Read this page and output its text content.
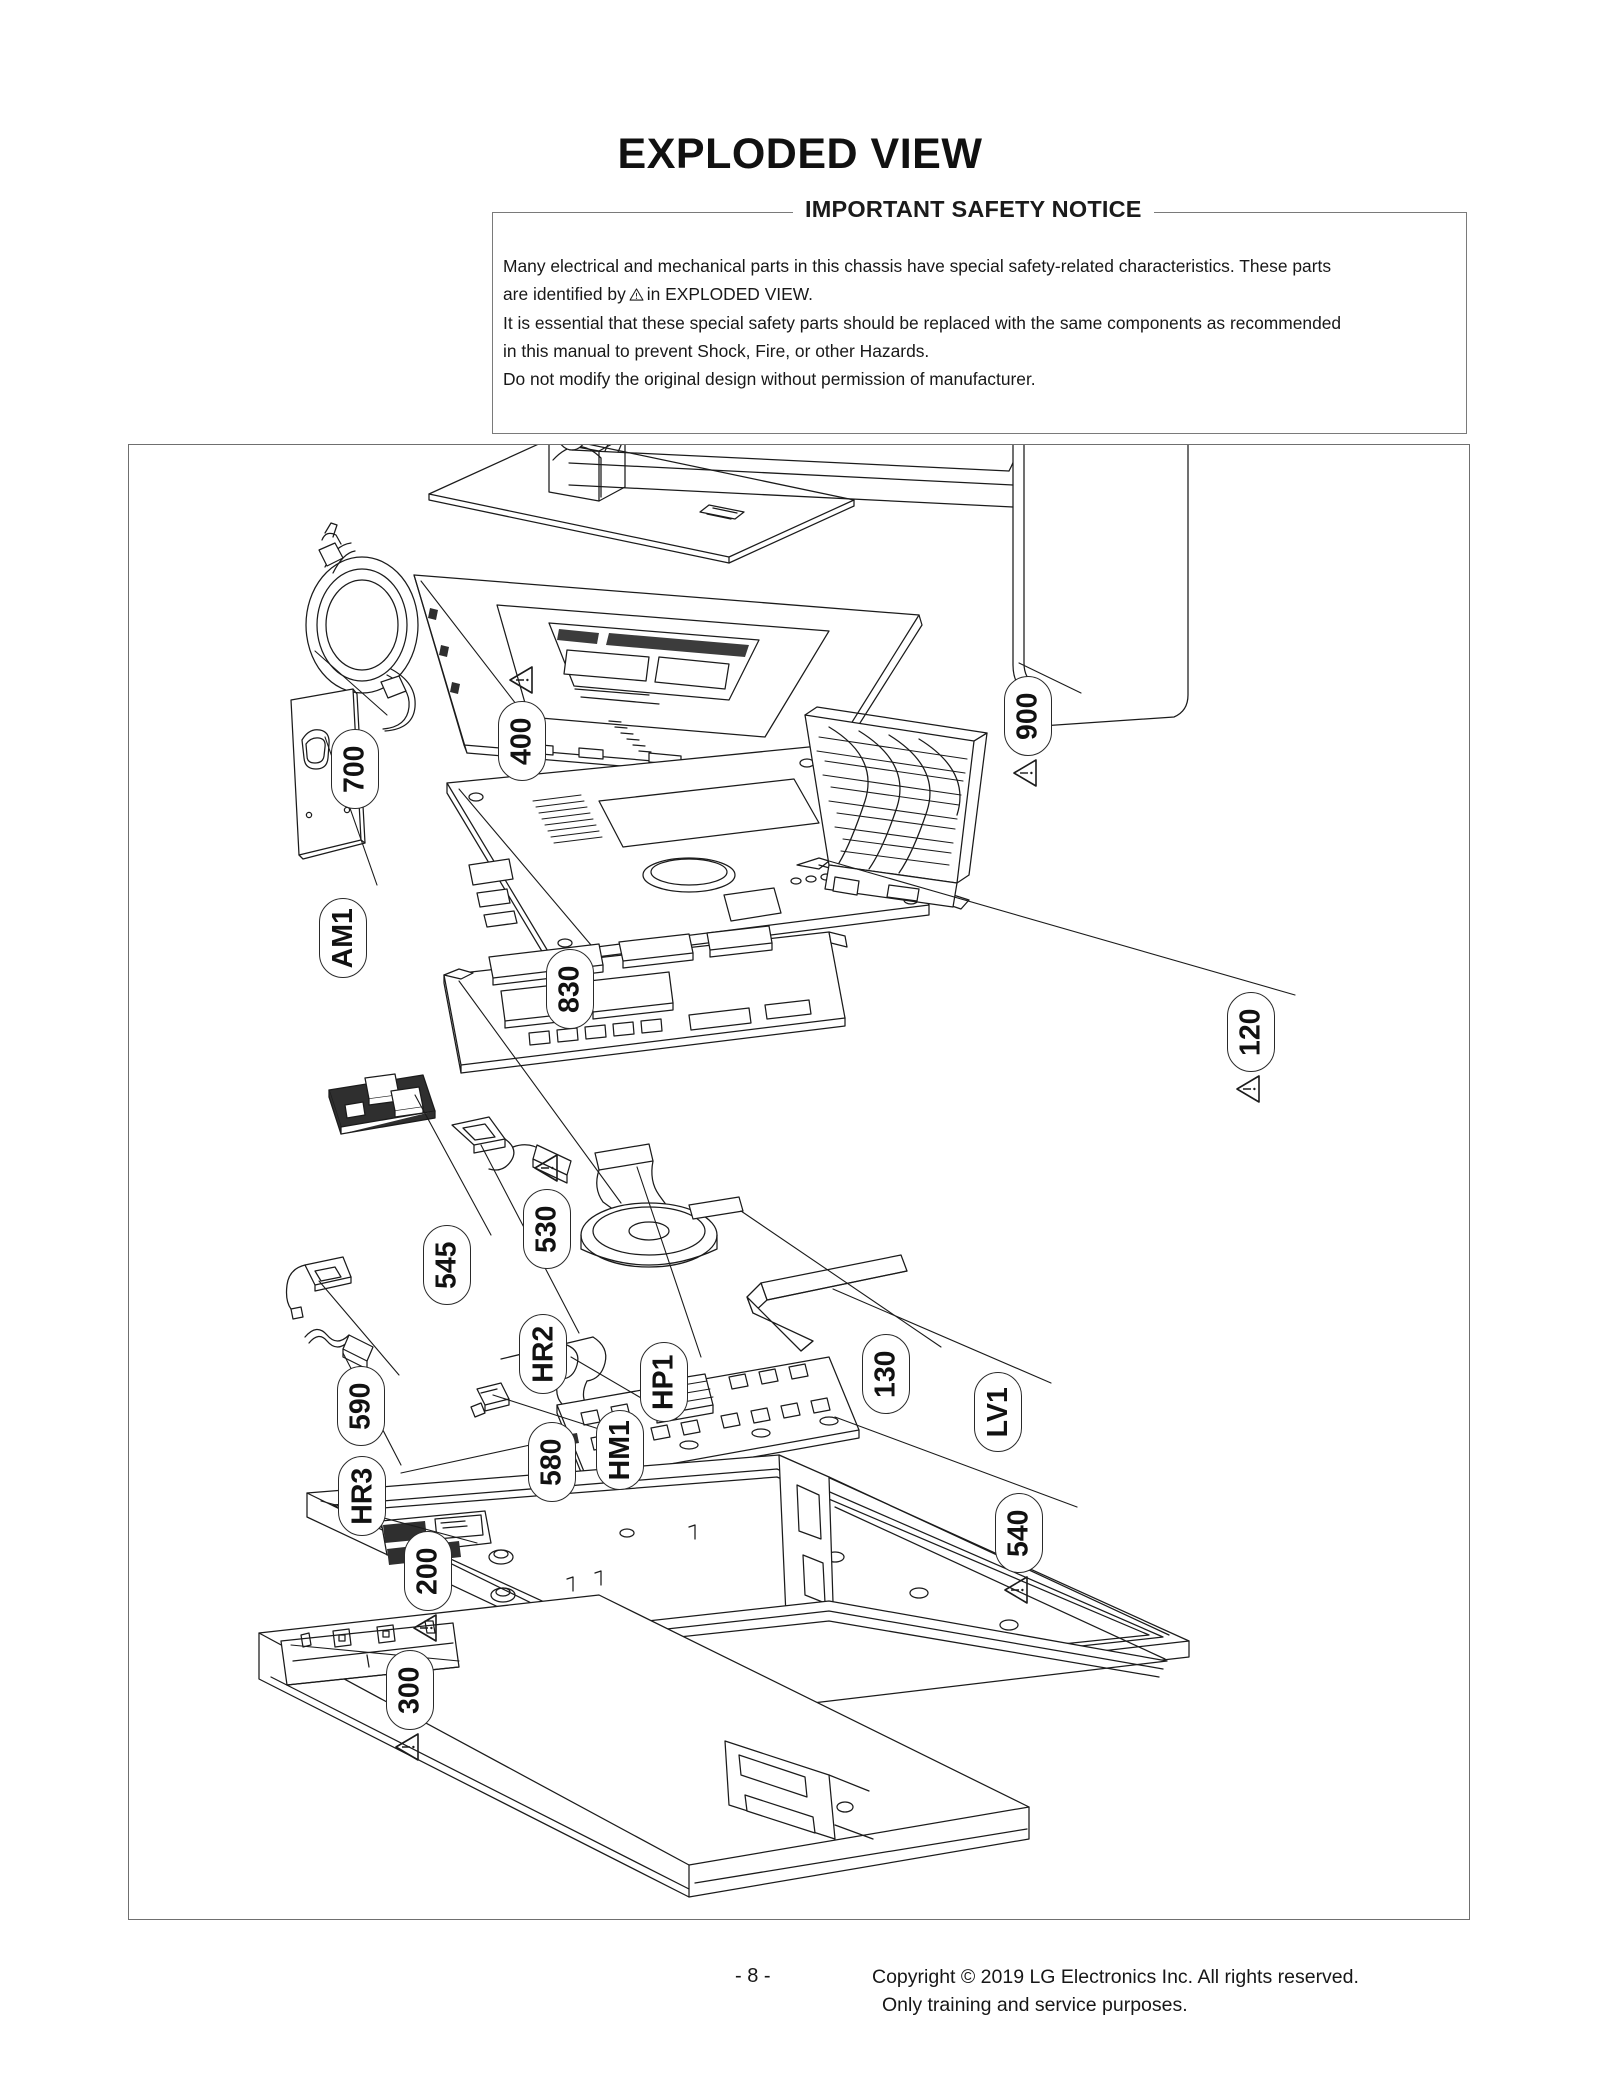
EXPLODED VIEW
IMPORTANT SAFETY NOTICE

Many electrical and mechanical parts in this chassis have special safety-related characteristics. These parts

are identified by in EXPLODED VIEW.

It is essential that these special safety parts should be replaced with the same components as recommended

in this manual to prevent Shock, Fire, or other Hazards.

Do not modify the original design without permission of manufacturer.

900
700
400
AM1
830
120
545
530
HR2	HP1	130
590	LV1
580 HM1
HR3
540
200
300
- 8 -	Copyright © 2019 LG Electronics Inc. All rights reserved.
Only training and service purposes.
